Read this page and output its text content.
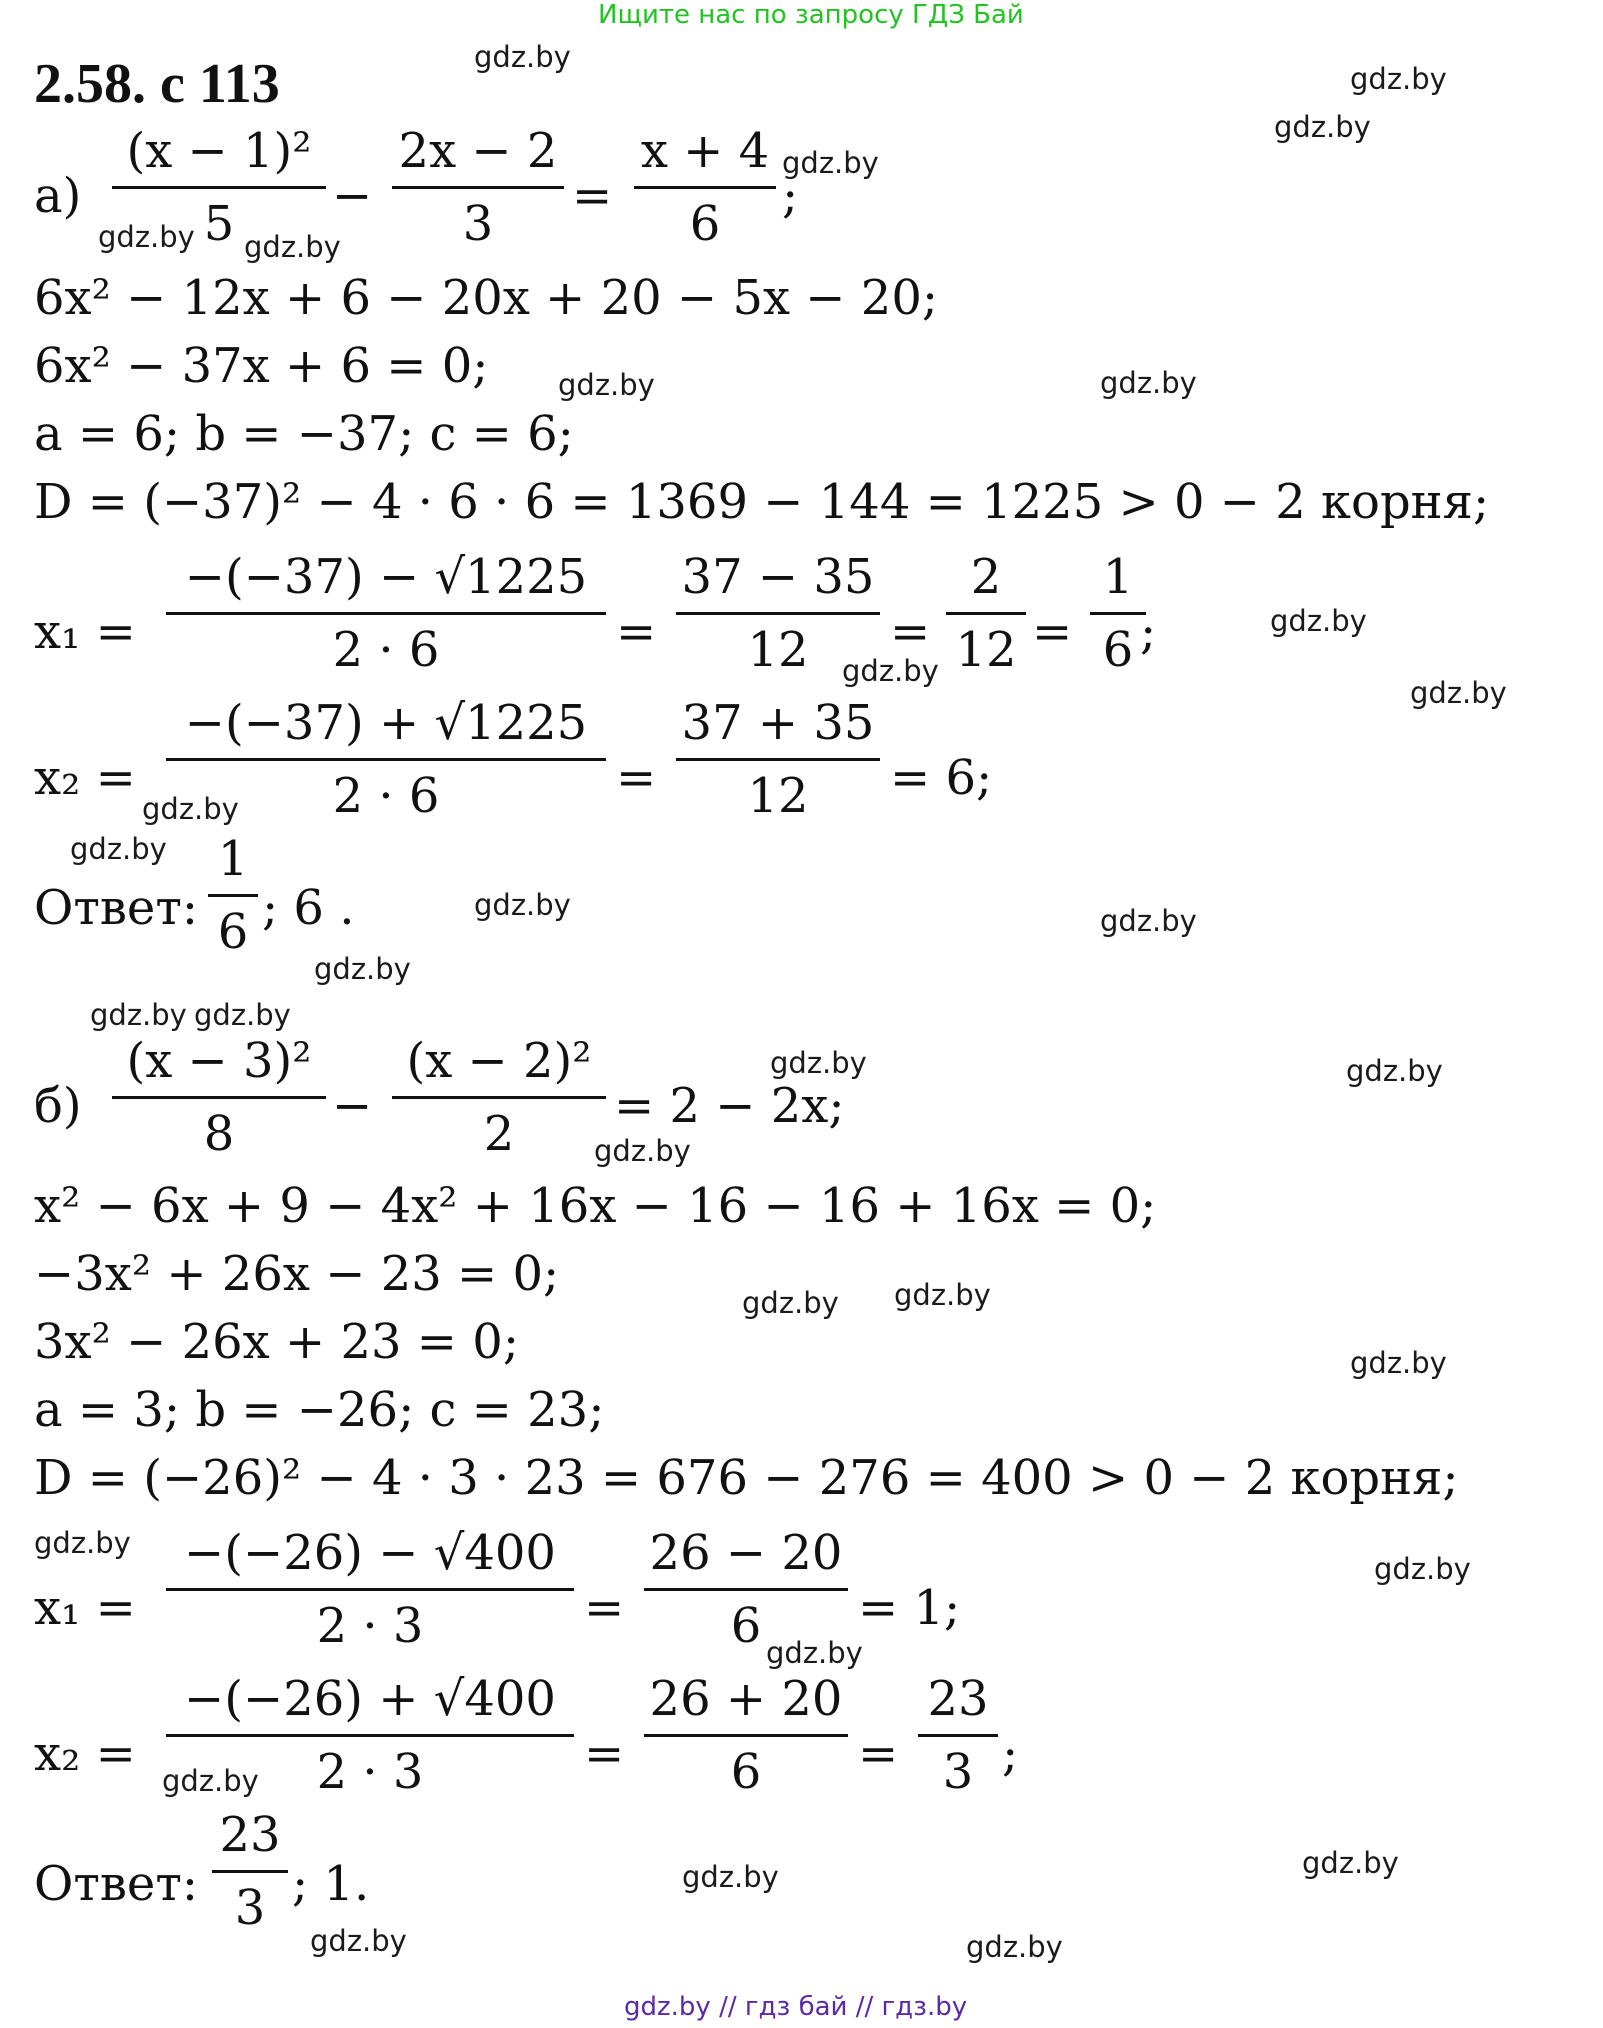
Ищите нас по запросу ГДЗ Бай
2.58. с 113
а)
(x − 1)²
5	−
2x − 2
3	=
x + 4
6	;
6x² − 12x + 6 − 20x + 20 − 5x − 20;
6x² − 37x + 6 = 0;
a = 6; b = −37; c = 6;
D = (−37)² − 4 · 6 · 6 = 1369 − 144 = 1225 > 0 − 2 корня;
x₁ =
−(−37) − √1225
2 · 6	=
37 − 35
12	=
2
12 =
1
6 ;
x₂ =
−(−37) + √1225
2 · 6	=
37 + 35
12	= 6;
Ответ:
1
6 ; 6 .
б)
(x − 3)²
8	−
(x − 2)²
2	= 2 − 2x;
x² − 6x + 9 − 4x² + 16x − 16 − 16 + 16x = 0;
−3x² + 26x − 23 = 0;
3x² − 26x + 23 = 0;
a = 3; b = −26; c = 23;
D = (−26)² − 4 · 3 · 23 = 676 − 276 = 400 > 0 − 2 корня;
x₁ =
−(−26) − √400
2 · 3	=
26 − 20
6	= 1;
x₂ =
−(−26) + √400
2 · 3	=
26 + 20
6	=
23
3 ;
Ответ:
23
3 ; 1.
gdz.by
gdz.by
gdz.by
gdz.by
gdz.by gdz.by
gdz.by	gdz.by
gdz.by
gdz.by
gdz.by
gdz.by
gdz.by
gdz.by	gdz.by
gdz.by
gdz.by gdz.by
gdz.by	gdz.by
gdz.by
gdz.by gdz.by
gdz.by
gdz.by
gdz.by
gdz.by
gdz.by
gdz.by	gdz.by
gdz.by	gdz.by
gdz.by // гдз бай // гдз.by
